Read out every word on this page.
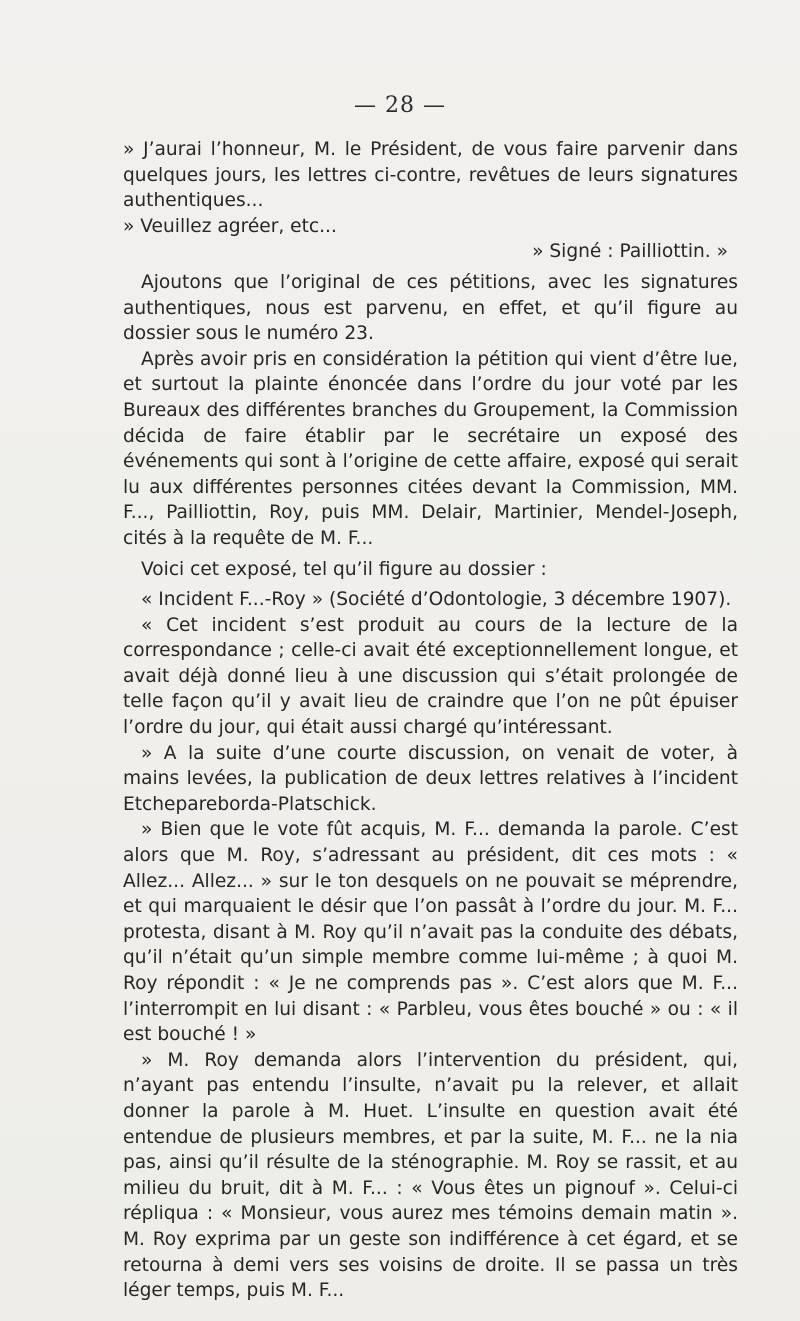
— 28 —

» J’aurai l’honneur, M. le Président, de vous faire parvenir dans quelques jours, les lettres ci-contre, revêtues de leurs signatures authentiques...

» Veuillez agréer, etc...

» Signé : Pailliottin. »

Ajoutons que l’original de ces pétitions, avec les signatures authentiques, nous est parvenu, en effet, et qu’il figure au dossier sous le numéro 23.

Après avoir pris en considération la pétition qui vient d’être lue, et surtout la plainte énoncée dans l’ordre du jour voté par les Bureaux des différentes branches du Groupement, la Commission décida de faire établir par le secrétaire un exposé des événements qui sont à l’origine de cette affaire, exposé qui serait lu aux différentes personnes citées devant la Commission, MM. F..., Pailliottin, Roy, puis MM. Delair, Martinier, Mendel-Joseph, cités à la requête de M. F...

Voici cet exposé, tel qu’il figure au dossier :

« Incident F...-Roy » (Société d’Odontologie, 3 décembre 1907).

« Cet incident s’est produit au cours de la lecture de la correspondance ; celle-ci avait été exceptionnellement longue, et avait déjà donné lieu à une discussion qui s’était prolongée de telle façon qu’il y avait lieu de craindre que l’on ne pût épuiser l’ordre du jour, qui était aussi chargé qu’intéressant.

» A la suite d’une courte discussion, on venait de voter, à mains levées, la publication de deux lettres relatives à l’incident Etchepareborda-Platschick.

» Bien que le vote fût acquis, M. F... demanda la parole. C’est alors que M. Roy, s’adressant au président, dit ces mots : « Allez... Allez... » sur le ton desquels on ne pouvait se méprendre, et qui marquaient le désir que l’on passât à l’ordre du jour. M. F... protesta, disant à M. Roy qu’il n’avait pas la conduite des débats, qu’il n’était qu’un simple membre comme lui-même ; à quoi M. Roy répondit : « Je ne comprends pas ». C’est alors que M. F... l’interrompit en lui disant : « Parbleu, vous êtes bouché » ou : « il est bouché ! »

» M. Roy demanda alors l’intervention du président, qui, n’ayant pas entendu l’insulte, n’avait pu la relever, et allait donner la parole à M. Huet. L’insulte en question avait été entendue de plusieurs membres, et par la suite, M. F... ne la nia pas, ainsi qu’il résulte de la sténographie. M. Roy se rassit, et au milieu du bruit, dit à M. F... : « Vous êtes un pignouf ». Celui-ci répliqua : « Monsieur, vous aurez mes témoins demain matin ». M. Roy exprima par un geste son indifférence à cet égard, et se retourna à demi vers ses voisins de droite. Il se passa un très léger temps, puis M. F...
